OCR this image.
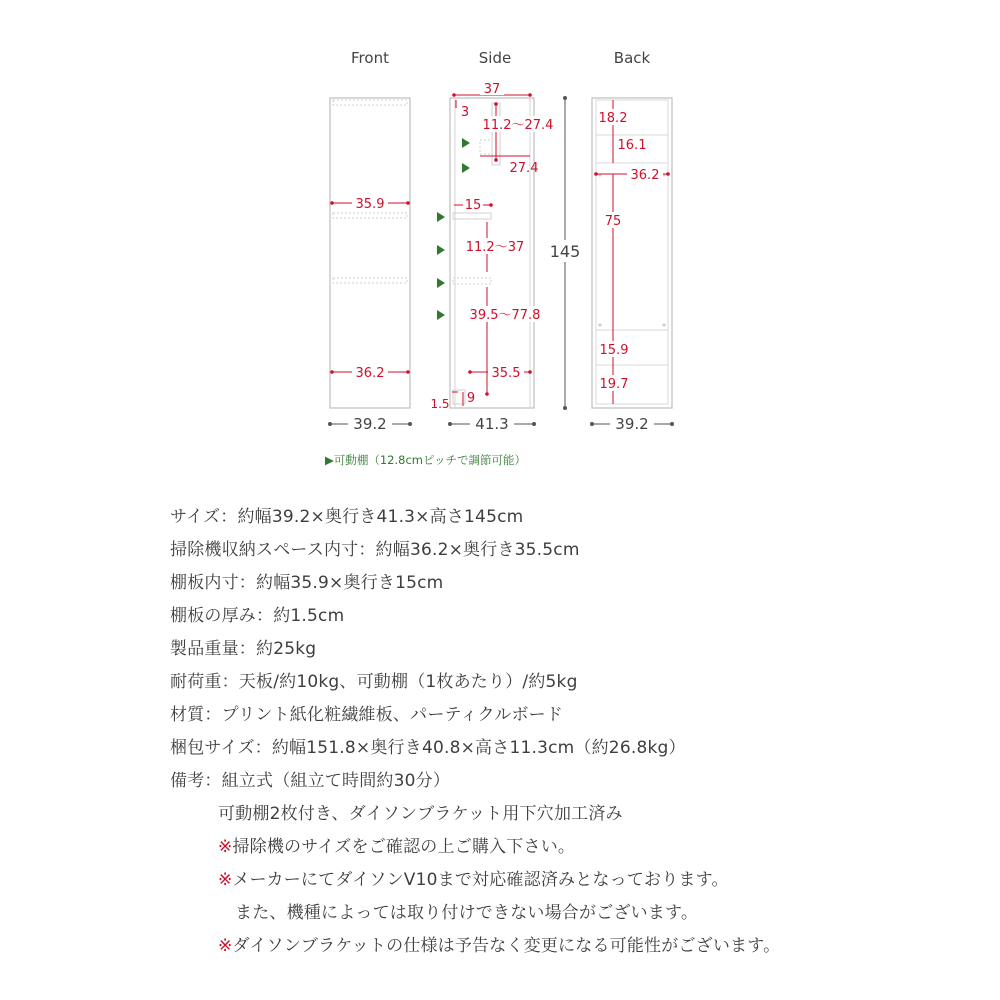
Front	Side	Back
35.9
36.2
39.2
37
3
11.2～27.4
27.4
15
11.2～37
39.5～77.8
35.5
1.5 9
41.3
145
18.2
16.1
36.2
75
15.9
19.7
39.2
▶可動棚（12.8cmピッチで調節可能）
サイズ：約幅39.2×奥行き41.3×高さ145cm
掃除機収納スペース内寸：約幅36.2×奥行き35.5cm
棚板内寸：約幅35.9×奥行き15cm
棚板の厚み：約1.5cm
製品重量：約25kg
耐荷重：天板/約10kg、可動棚（1枚あたり）/約5kg
材質：プリント紙化粧繊維板、パーティクルボード
梱包サイズ：約幅151.8×奥行き40.8×高さ11.3cm（約26.8kg）
備考：組立式（組立て時間約30分）
可動棚2枚付き、ダイソンブラケット用下穴加工済み
※掃除機のサイズをご確認の上ご購入下さい。
※メーカーにてダイソンV10まで対応確認済みとなっております。
また、機種によっては取り付けできない場合がございます。
※ダイソンブラケットの仕様は予告なく変更になる可能性がございます。
